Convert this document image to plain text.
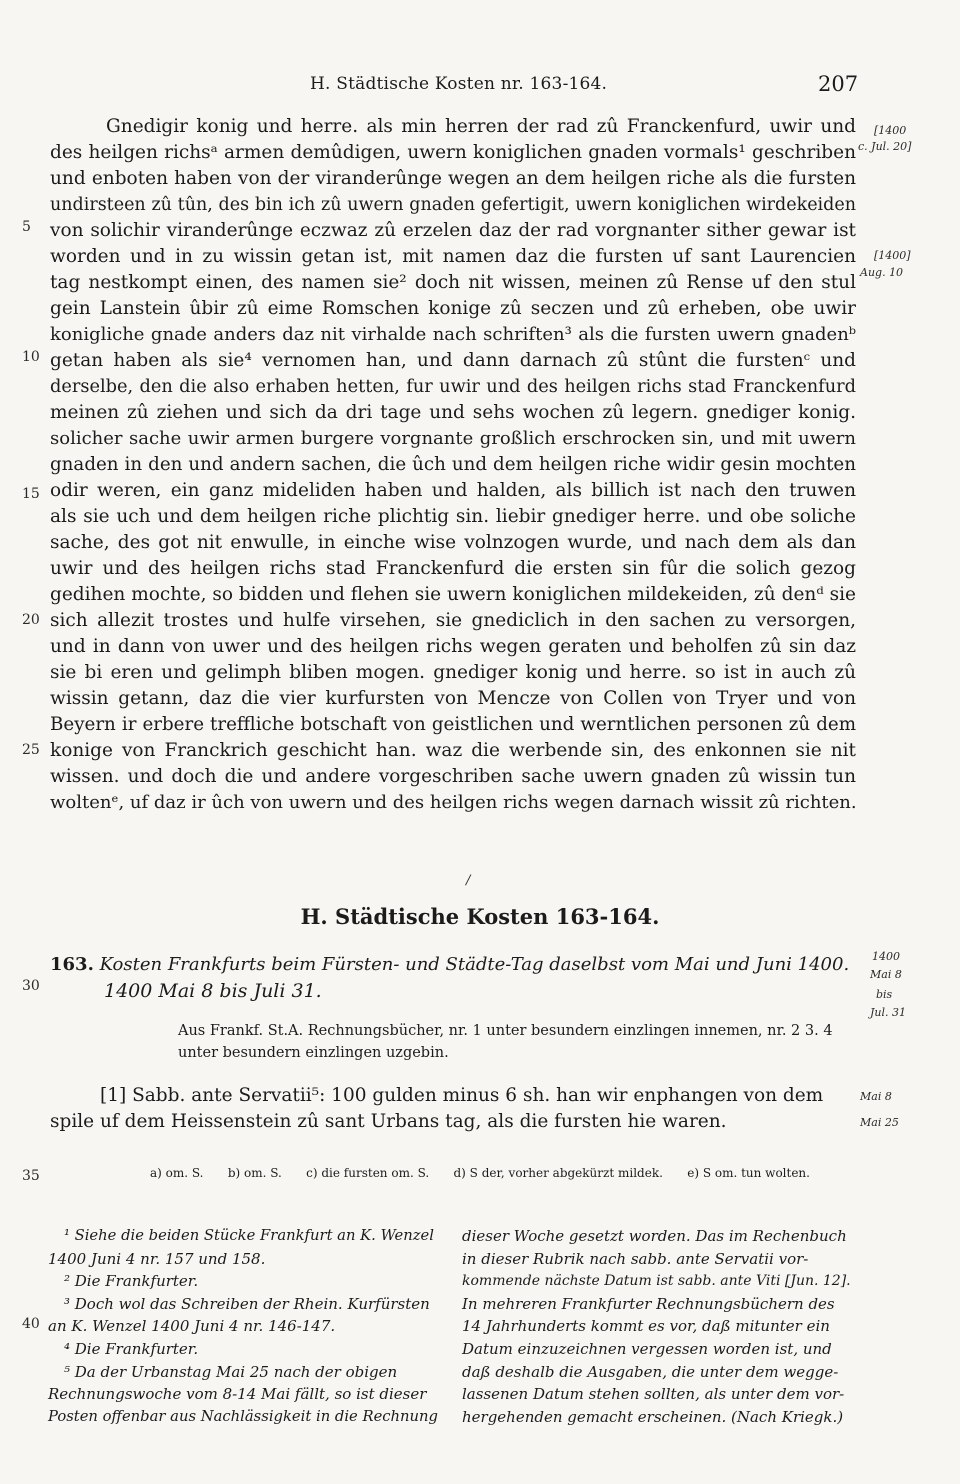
H. Städtische Kosten nr. 163-164.	207
Gnedigir konig und herre. als min herren der rad zû Franckenfurd, uwir und
des heilgen richsᵃ armen demûdigen, uwern koniglichen gnaden vormals¹ geschriben
und enboten haben von der viranderûnge wegen an dem heilgen riche als die fursten
undirsteen zû tûn, des bin ich zû uwern gnaden gefertigit, uwern koniglichen wirdekeiden
von solichir viranderûnge eczwaz zû erzelen daz der rad vorgnanter sither gewar ist
worden und in zu wissin getan ist, mit namen daz die fursten uf sant Laurencien
tag nestkompt einen, des namen sie² doch nit wissen, meinen zû Rense uf den stul
gein Lanstein ûbir zû eime Romschen konige zû seczen und zû erheben, obe uwir
konigliche gnade anders daz nit virhalde nach schriften³ als die fursten uwern gnadenᵇ
getan haben als sie⁴ vernomen han, und dann darnach zû stûnt die furstenᶜ und
derselbe, den die also erhaben hetten, fur uwir und des heilgen richs stad Franckenfurd
meinen zû ziehen und sich da dri tage und sehs wochen zû legern. gnediger konig.
solicher sache uwir armen burgere vorgnante großlich erschrocken sin, und mit uwern
gnaden in den und andern sachen, die ûch und dem heilgen riche widir gesin mochten
odir weren, ein ganz mideliden haben und halden, als billich ist nach den truwen
als sie uch und dem heilgen riche plichtig sin. liebir gnediger herre. und obe soliche
sache, des got nit enwulle, in einche wise volnzogen wurde, und nach dem als dan
uwir und des heilgen richs stad Franckenfurd die ersten sin fûr die solich gezog
gedihen mochte, so bidden und flehen sie uwern koniglichen mildekeiden, zû denᵈ sie
sich allezit trostes und hulfe virsehen, sie gnediclich in den sachen zu versorgen,
und in dann von uwer und des heilgen richs wegen geraten und beholfen zû sin daz
sie bi eren und gelimph bliben mogen. gnediger konig und herre. so ist in auch zû
wissin getann, daz die vier kurfursten von Mencze von Collen von Tryer und von
Beyern ir erbere treffliche botschaft von geistlichen und werntlichen personen zû dem
konige von Franckrich geschicht han. waz die werbende sin, des enkonnen sie nit
wissen. und doch die und andere vorgeschriben sache uwern gnaden zû wissin tun
woltenᵉ, uf daz ir ûch von uwern und des heilgen richs wegen darnach wissit zû richten.
5
10
15
20
25
30
35
40
[1400
c. Jul. 20]
[1400]
Aug. 10
/
H. Städtische Kosten 163-164.
163. Kosten Frankfurts beim Fürsten- und Städte-Tag daselbst vom Mai und Juni 1400.
1400 Mai 8 bis Juli 31.
1400
Mai 8
bis
Jul. 31
Aus Frankf. St.A. Rechnungsbücher, nr. 1 unter besundern einzlingen innemen, nr. 2 3. 4
unter besundern einzlingen uzgebin.
[1] Sabb. ante Servatii⁵: 100 gulden minus 6 sh. han wir enphangen von dem
spile uf dem Heissenstein zû sant Urbans tag, als die fursten hie waren.
Mai 8
Mai 25
a) om. S. b) om. S. c) die fursten om. S. d) S der, vorher abgekürzt mildek. e) S om. tun wolten.
¹ Siehe die beiden Stücke Frankfurt an K. Wenzel
1400 Juni 4 nr. 157 und 158.
² Die Frankfurter.
³ Doch wol das Schreiben der Rhein. Kurfürsten
an K. Wenzel 1400 Juni 4 nr. 146-147.
⁴ Die Frankfurter.
⁵ Da der Urbanstag Mai 25 nach der obigen
Rechnungswoche vom 8-14 Mai fällt, so ist dieser
Posten offenbar aus Nachlässigkeit in die Rechnung
dieser Woche gesetzt worden. Das im Rechenbuch
in dieser Rubrik nach sabb. ante Servatii vor-
kommende nächste Datum ist sabb. ante Viti [Jun. 12].
In mehreren Frankfurter Rechnungsbüchern des
14 Jahrhunderts kommt es vor, daß mitunter ein
Datum einzuzeichnen vergessen worden ist, und
daß deshalb die Ausgaben, die unter dem wegge-
lassenen Datum stehen sollten, als unter dem vor-
hergehenden gemacht erscheinen. (Nach Kriegk.)
